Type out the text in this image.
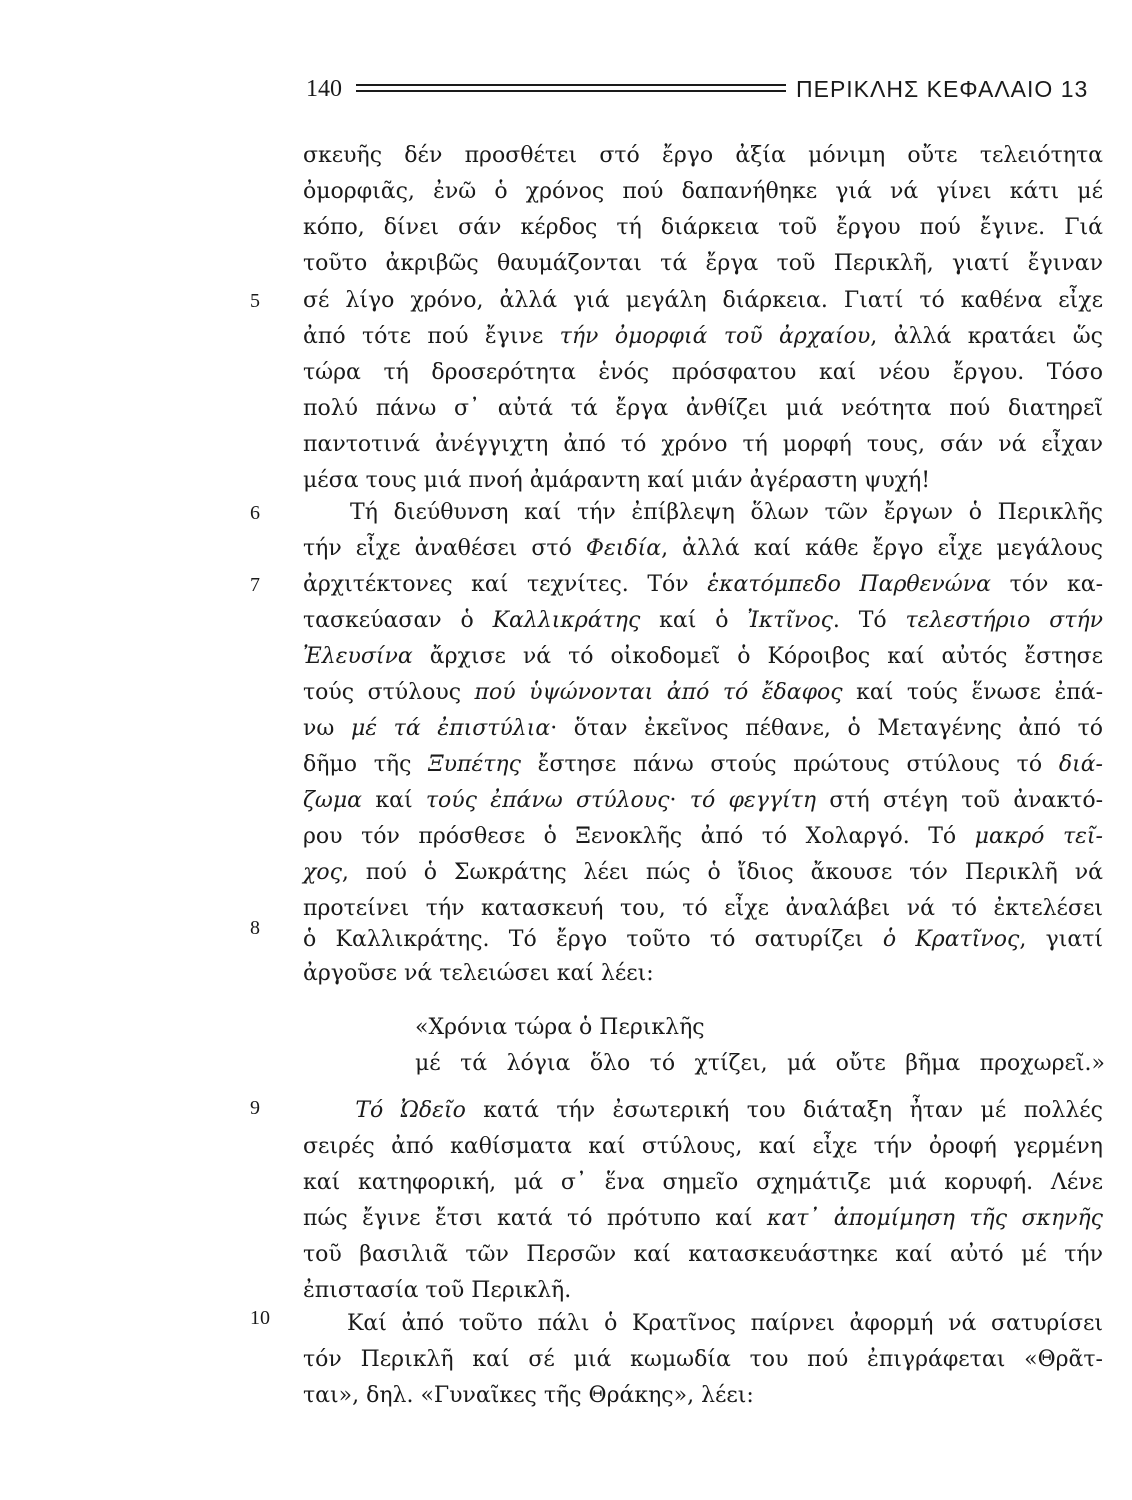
140	ΠΕΡΙΚΛΗΣ ΚΕΦΑΛΑΙΟ 13
5
6
7
8
9
10
σκευῆς δέν προσθέτει στό ἔργο ἀξία μόνιμη οὔτε τελειότητα
ὀμορφιᾶς, ἐνῶ ὁ χρόνος πού δαπανήθηκε γιά νά γίνει κάτι μέ
κόπο, δίνει σάν κέρδος τή διάρκεια τοῦ ἔργου πού ἔγινε. Γιά
τοῦτο ἀκριβῶς θαυμάζονται τά ἔργα τοῦ Περικλῆ, γιατί ἔγιναν
σέ λίγο χρόνο, ἀλλά γιά μεγάλη διάρκεια. Γιατί τό καθένα εἶχε
ἀπό τότε πού ἔγινε τήν ὀμορφιά τοῦ ἀρχαίου, ἀλλά κρατάει ὥς
τώρα τή δροσερότητα ἑνός πρόσφατου καί νέου ἔργου. Τόσο
πολύ πάνω σ᾽ αὐτά τά ἔργα ἀνθίζει μιά νεότητα πού διατηρεῖ
παντοτινά ἀνέγγιχτη ἀπό τό χρόνο τή μορφή τους, σάν νά εἶχαν
μέσα τους μιά πνοή ἀμάραντη καί μιάν ἀγέραστη ψυχή!
Τή διεύθυνση καί τήν ἐπίβλεψη ὅλων τῶν ἔργων ὁ Περικλῆς
τήν εἶχε ἀναθέσει στό Φειδία, ἀλλά καί κάθε ἔργο εἶχε μεγάλους
ἀρχιτέκτονες καί τεχνίτες. Τόν ἑκατόμπεδο Παρθενώνα τόν κα-
τασκεύασαν ὁ Καλλικράτης καί ὁ Ἰκτῖνος. Τό τελεστήριο στήν
Ἐλευσίνα ἄρχισε νά τό οἰκοδομεῖ ὁ Κόροιβος καί αὐτός ἔστησε
τούς στύλους πού ὑψώνονται ἀπό τό ἔδαφος καί τούς ἕνωσε ἐπά-
νω μέ τά ἐπιστύλια· ὅταν ἐκεῖνος πέθανε, ὁ Μεταγένης ἀπό τό
δῆμο τῆς Ξυπέτης ἔστησε πάνω στούς πρώτους στύλους τό διά-
ζωμα καί τούς ἐπάνω στύλους· τό φεγγίτη στή στέγη τοῦ ἀνακτό-
ρου τόν πρόσθεσε ὁ Ξενοκλῆς ἀπό τό Χολαργό. Τό μακρό τεῖ-
χος, πού ὁ Σωκράτης λέει πώς ὁ ἴδιος ἄκουσε τόν Περικλῆ νά
προτείνει τήν κατασκευή του, τό εἶχε ἀναλάβει νά τό ἐκτελέσει
ὁ Καλλικράτης. Τό ἔργο τοῦτο τό σατυρίζει ὁ Κρατῖνος, γιατί
ἀργοῦσε νά τελειώσει καί λέει:
«Χρόνια τώρα ὁ Περικλῆς
μέ τά λόγια ὅλο τό χτίζει, μά οὔτε βῆμα προχωρεῖ.»
Τό Ὠδεῖο κατά τήν ἐσωτερική του διάταξη ἦταν μέ πολλές
σειρές ἀπό καθίσματα καί στύλους, καί εἶχε τήν ὀροφή γερμένη
καί κατηφορική, μά σ᾽ ἕνα σημεῖο σχημάτιζε μιά κορυφή. Λένε
πώς ἔγινε ἔτσι κατά τό πρότυπο καί κατ᾽ ἀπομίμηση τῆς σκηνῆς
τοῦ βασιλιᾶ τῶν Περσῶν καί κατασκευάστηκε καί αὐτό μέ τήν
ἐπιστασία τοῦ Περικλῆ.
Καί ἀπό τοῦτο πάλι ὁ Κρατῖνος παίρνει ἀφορμή νά σατυρίσει
τόν Περικλῆ καί σέ μιά κωμωδία του πού ἐπιγράφεται «Θρᾶτ-
ται», δηλ. «Γυναῖκες τῆς Θράκης», λέει:
